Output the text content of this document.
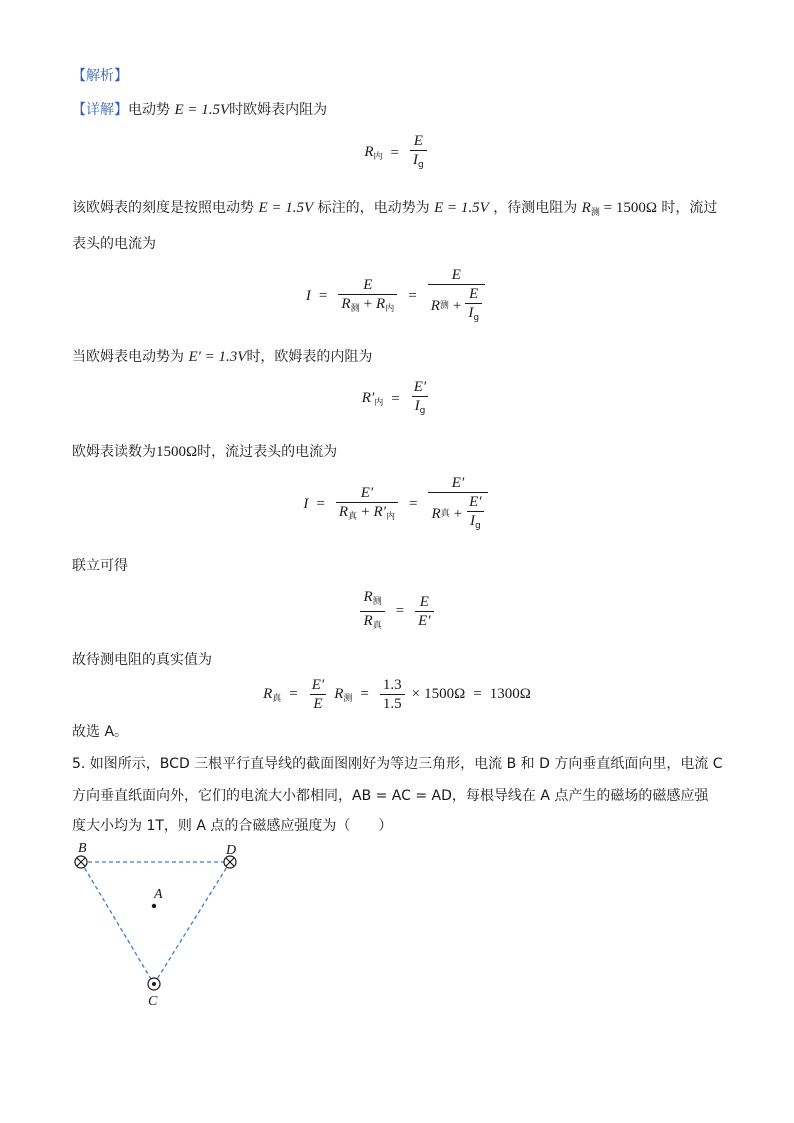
【解析】
【详解】电动势 E = 1.5V时欧姆表内阻为
$R_内 = \frac{E}{I_g}$
该欧姆表的刻度是按照电动势 E = 1.5V 标注的，电动势为 E = 1.5V ，待测电阻为 $R_测 = 1500\Omega$ 时，流过
表头的电流为
$I = \frac{E}{R_测 + R_内} = \frac{E}{R 测 + \frac{E}{I_g}}$
当欧姆表电动势为 E′ = 1.3V时，欧姆表的内阻为
$R'_内 = \frac{E'}{I_g}$
欧姆表读数为1500Ω时，流过表头的电流为
$I = \frac{E'}{R_真 + R'_内} = \frac{E'}{R 真 + \frac{E'}{I_g}}$
联立可得
$\frac{R_测}{R_真} = \frac{E}{E'}$
故待测电阻的真实值为
$R_真 = \frac{E'}{E} R_测 = \frac{1.3}{1.5} \times 1500\Omega = 1300\Omega$
故选 A。
5. 如图所示，BCD 三根平行直导线的截面图刚好为等边三角形，电流 B 和 D 方向垂直纸面向里，电流 C
方向垂直纸面向外，它们的电流大小都相同，AB = AC = AD，每根导线在 A 点产生的磁场的磁感应强
度大小均为 1T，则 A 点的合磁感应强度为（　　）
B	D
A
C
